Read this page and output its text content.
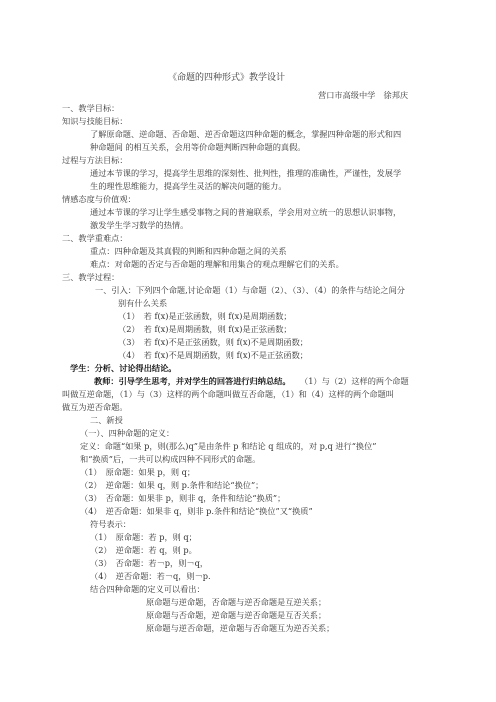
《命题的四种形式》教学设计
营口市高级中学　徐邦庆
一、教学目标：
知识与技能目标：
了解原命题、逆命题、否命题、逆否命题这四种命题的概念，掌握四种命题的形式和四
种命题间 的相互关系，会用等价命题判断四种命题的真假。
过程与方法目标：
通过本节课的学习，提高学生思维的深刻性、批判性，推理的准确性，严谨性，发展学
生的理性思维能力，提高学生灵活的解决问题的能力。
情感态度与价值观：
通过本节课的学习让学生感受事物之间的普遍联系，学会用对立统一的思想认识事物，
激发学生学习数学的热情。
二、教学重难点：
重点：四种命题及其真假的判断和四种命题之间的关系
难点：对命题的否定与否命题的理解和用集合的观点理解它们的关系。
三、教学过程：
一、引入：下列四个命题,讨论命题（1）与命题（2）、（3）、（4）的条件与结论之间分
别有什么关系
（1）　若 f(x)是正弦函数，则 f(x)是周期函数；
（2）　若 f(x)是周期函数，则 f(x)是正弦函数；
（3）　若 f(x)不是正弦函数，则 f(x)不是周期函数；
（4）　若 f(x)不是周期函数，则 f(x)不是正弦函数；
学生：分析、讨论得出结论。
教师：引导学生思考，并对学生的回答进行归纳总结。 （1）与（2）这样的两个命题
叫做互逆命题，（1）与（3）这样的两个命题叫做互否命题，（1）和（4）这样的两个命题叫
做互为逆否命题。
二、新授
（一）、四种命题的定义：
定义：命题“如果 p，则(那么)q”是由条件 p 和结论 q 组成的，对 p,q 进行“换位”
和“换质”后，一共可以构成四种不同形式的命题。
（1）　原命题：如果 p，则 q；
（2）　逆命题：如果 q，则 p.条件和结论“换位”；
（3）　否命题：如果非 p，则非 q，条件和结论“换质”；
（4）　逆否命题：如果非 q，则非 p.条件和结论“换位”又“换质”
符号表示：
（1）　原命题：若 p，则 q；
（2）　逆命题：若 q，则 p。
（3）　否命题：若￢p，则￢q，
（4）　逆否命题：若￢q，则￢p.
结合四种命题的定义可以看出：
原命题与逆命题，否命题与逆否命题是互逆关系；
原命题与否命题，逆命题与逆否命题是互否关系；
原命题与逆否命题，逆命题与否命题互为逆否关系；
